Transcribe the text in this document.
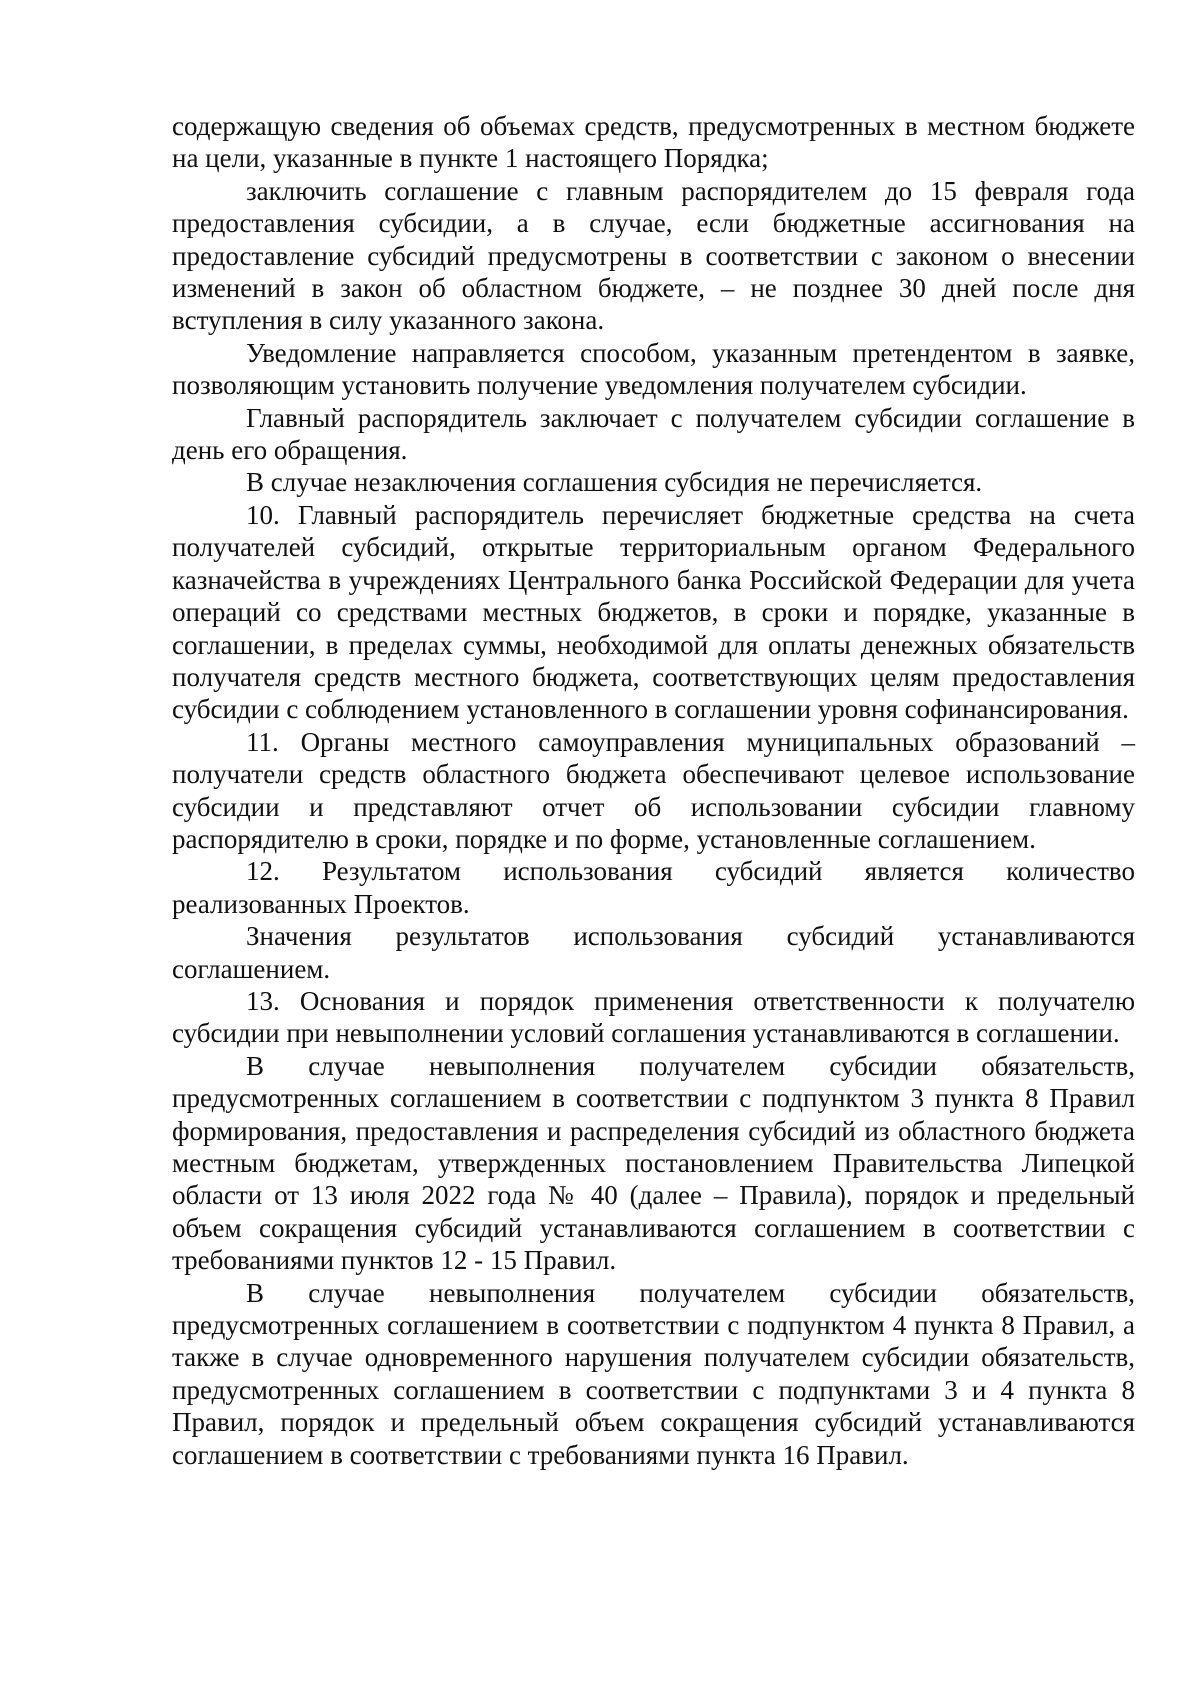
содержащую сведения об объемах средств, предусмотренных в местном бюджете на цели, указанные в пункте 1 настоящего Порядка;

заключить соглашение с главным распорядителем до 15 февраля года предоставления субсидии, а в случае, если бюджетные ассигнования на предоставление субсидий предусмотрены в соответствии с законом о внесении изменений в закон об областном бюджете, – не позднее 30 дней после дня вступления в силу указанного закона.

Уведомление направляется способом, указанным претендентом в заявке, позволяющим установить получение уведомления получателем субсидии.

Главный распорядитель заключает с получателем субсидии соглашение в день его обращения.

В случае незаключения соглашения субсидия не перечисляется.

10. Главный распорядитель перечисляет бюджетные средства на счета получателей субсидий, открытые территориальным органом Федерального казначейства в учреждениях Центрального банка Российской Федерации для учета операций со средствами местных бюджетов, в сроки и порядке, указанные в соглашении, в пределах суммы, необходимой для оплаты денежных обязательств получателя средств местного бюджета, соответствующих целям предоставления субсидии с соблюдением установленного в соглашении уровня софинансирования.

11. Органы местного самоуправления муниципальных образований – получатели средств областного бюджета обеспечивают целевое использование субсидии и представляют отчет об использовании субсидии главному распорядителю в сроки, порядке и по форме, установленные соглашением.

12. Результатом использования субсидий является количество реализованных Проектов.

Значения результатов использования субсидий устанавливаются соглашением.

13. Основания и порядок применения ответственности к получателю субсидии при невыполнении условий соглашения устанавливаются в соглашении.

В случае невыполнения получателем субсидии обязательств, предусмотренных соглашением в соответствии с подпунктом 3 пункта 8 Правил формирования, предоставления и распределения субсидий из областного бюджета местным бюджетам, утвержденных постановлением Правительства Липецкой области от 13 июля 2022 года № 40 (далее – Правила), порядок и предельный объем сокращения субсидий устанавливаются соглашением в соответствии с требованиями пунктов 12 - 15 Правил.

В случае невыполнения получателем субсидии обязательств, предусмотренных соглашением в соответствии с подпунктом 4 пункта 8 Правил, а также в случае одновременного нарушения получателем субсидии обязательств, предусмотренных соглашением в соответствии с подпунктами 3 и 4 пункта 8 Правил, порядок и предельный объем сокращения субсидий устанавливаются соглашением в соответствии с требованиями пункта 16 Правил.
